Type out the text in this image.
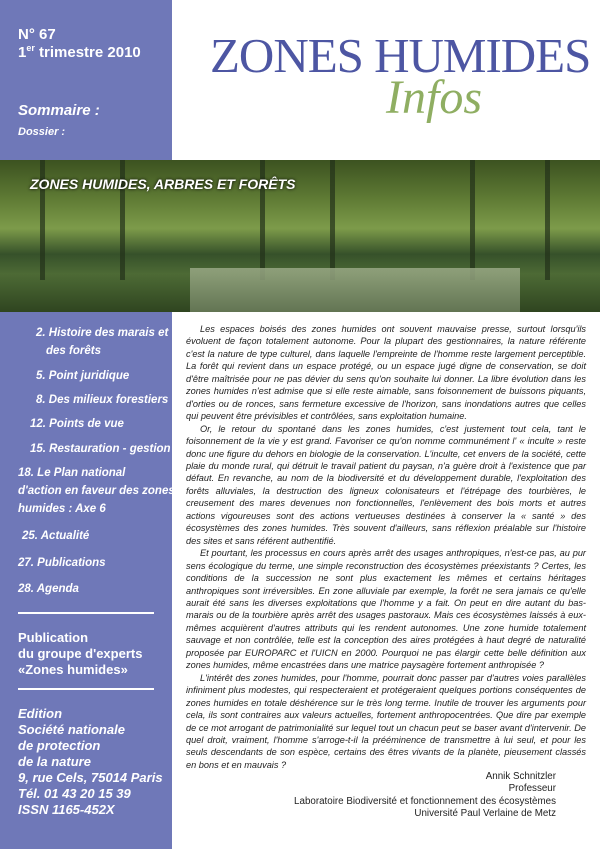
N° 67
1er trimestre 2010
Sommaire :
Dossier :
ZONES HUMIDES
Infos
ZONES HUMIDES, ARBRES ET FORÊTS
2. Histoire des marais et
des forêts
5. Point juridique
8. Des milieux forestiers
12. Points de vue
15. Restauration - gestion
18. Le Plan national
d'action en faveur des zones
humides : Axe 6
25. Actualité
27. Publications
28. Agenda
Publication
du groupe d'experts
«Zones humides»
Edition
Société nationale
de protection
de la nature
9, rue Cels, 75014 Paris
Tél. 01 43 20 15 39
ISSN 1165-452X

Les espaces boisés des zones humides ont souvent mauvaise presse, surtout lorsqu'ils évoluent de façon totalement autonome. Pour la plupart des gestionnaires, la nature référente c'est la nature de type culturel, dans laquelle l'empreinte de l'homme reste largement perceptible. La forêt qui revient dans un espace protégé, ou un espace jugé digne de conservation, se doit d'être maîtrisée pour ne pas dévier du sens qu'on souhaite lui donner. La libre évolution dans les zones humides n'est admise que si elle reste aimable, sans foisonnement de buissons piquants, d'orties ou de ronces, sans fermeture excessive de l'horizon, sans inondations autres que celles qui peuvent être prévisibles et contrôlées, sans exploitation humaine.

Or, le retour du spontané dans les zones humides, c'est justement tout cela, tant le foisonnement de la vie y est grand. Favoriser ce qu'on nomme communément l' « inculte » reste donc une figure du dehors en biologie de la conservation. L'inculte, cet envers de la société, cette plaie du monde rural, qui détruit le travail patient du paysan, n'a guère droit à l'existence que par défaut. En revanche, au nom de la biodiversité et du développement durable, l'exploitation des forêts alluviales, la destruction des ligneux colonisateurs et l'étrépage des tourbières, le creusement des mares devenues non fonctionnelles, l'enlèvement des bois morts et autres actions vigoureuses sont des actions vertueuses destinées à conserver la « santé » des écosystèmes des zones humides. Très souvent d'ailleurs, sans réflexion préalable sur l'histoire des sites et sans référent authentifié.

Et pourtant, les processus en cours après arrêt des usages anthropiques, n'est-ce pas, au pur sens écologique du terme, une simple reconstruction des écosystèmes préexistants ? Certes, les conditions de la succession ne sont plus exactement les mêmes et certains héritages anthropiques sont irréversibles. En zone alluviale par exemple, la forêt ne sera jamais ce qu'elle aurait été sans les diverses exploitations que l'homme y a fait. On peut en dire autant du bas-marais ou de la tourbière après arrêt des usages pastoraux. Mais ces écosystèmes laissés à eux-mêmes acquièrent d'autres attributs qui les rendent autonomes. Une zone humide totalement sauvage et non contrôlée, telle est la conception des aires protégées à haut degré de naturalité proposée par EUROPARC et l'UICN en 2000. Pourquoi ne pas élargir cette belle définition aux zones humides, même encastrées dans une matrice paysagère fortement anthropisée ?

L'intérêt des zones humides, pour l'homme, pourrait donc passer par d'autres voies parallèles infiniment plus modestes, qui respecteraient et protégeraient quelques portions conséquentes de zones humides en totale déshérence sur le très long terme. Inutile de trouver les arguments pour cela, ils sont contraires aux valeurs actuelles, fortement anthropocentrées. Que dire par exemple de ce mot arrogant de patrimonialité sur lequel tout un chacun peut se baser avant d'intervenir. De quel droit, vraiment, l'homme s'arroge-t-il la prééminence de transmettre à lui seul, et pour les seuls descendants de son espèce, certains des êtres vivants de la planète, pieusement classés en bons et en mauvais ?

Annik Schnitzler
Professeur
Laboratoire Biodiversité et fonctionnement des écosystèmes
Université Paul Verlaine de Metz
